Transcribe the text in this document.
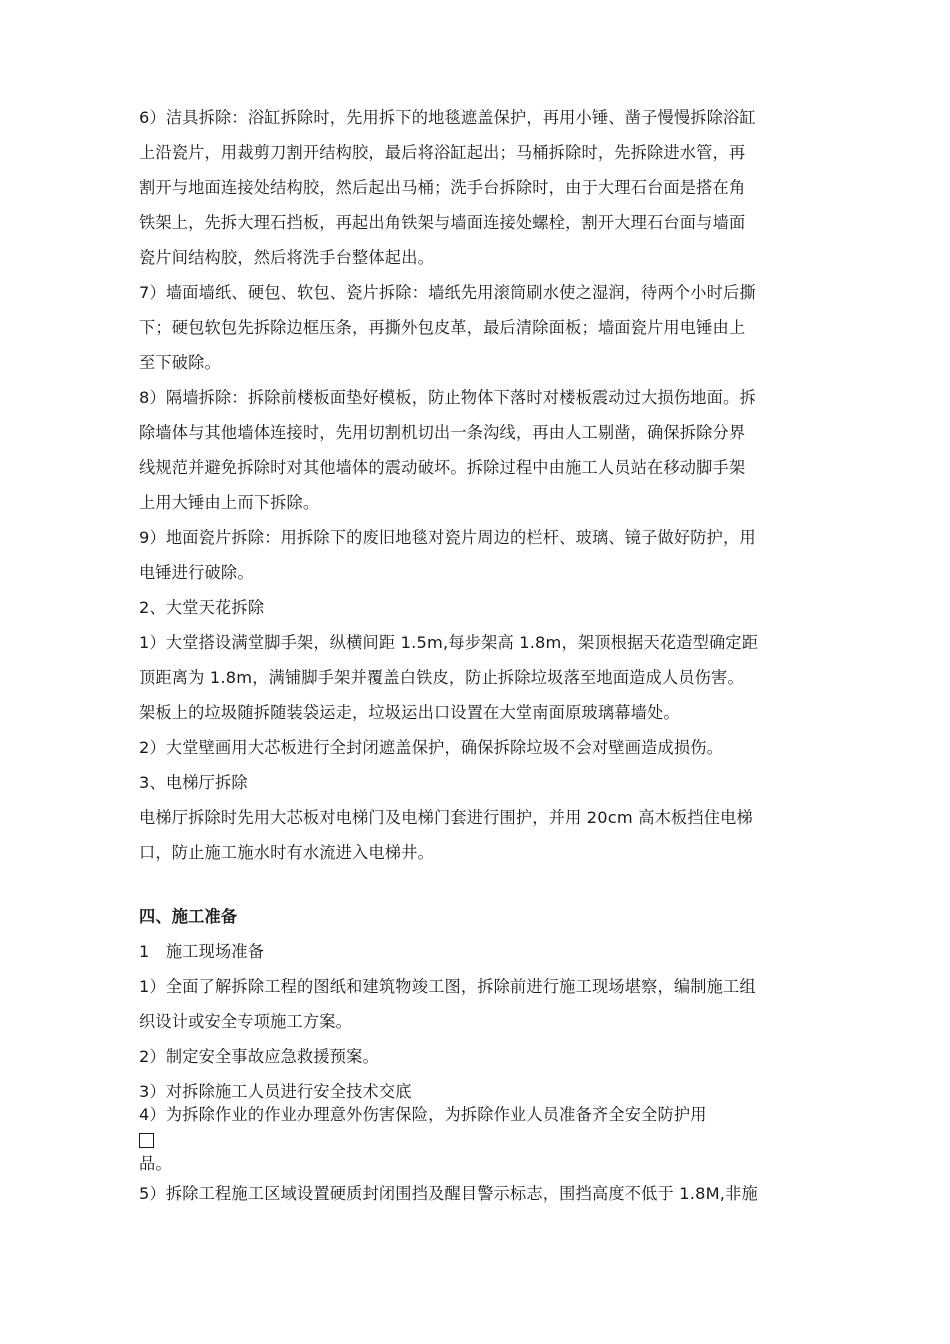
6）洁具拆除：浴缸拆除时，先用拆下的地毯遮盖保护，再用小锤、凿子慢慢拆除浴缸

上沿瓷片，用裁剪刀割开结构胶，最后将浴缸起出；马桶拆除时，先拆除进水管，再

割开与地面连接处结构胶，然后起出马桶；洗手台拆除时，由于大理石台面是搭在角

铁架上，先拆大理石挡板，再起出角铁架与墙面连接处螺栓，割开大理石台面与墙面

瓷片间结构胶，然后将洗手台整体起出。

7）墙面墙纸、硬包、软包、瓷片拆除：墙纸先用滚筒刷水使之湿润，待两个小时后撕

下；硬包软包先拆除边框压条，再撕外包皮革，最后清除面板；墙面瓷片用电锤由上

至下破除。

8）隔墙拆除：拆除前楼板面垫好模板，防止物体下落时对楼板震动过大损伤地面。拆

除墙体与其他墙体连接时，先用切割机切出一条沟线，再由人工剔凿，确保拆除分界

线规范并避免拆除时对其他墙体的震动破坏。拆除过程中由施工人员站在移动脚手架

上用大锤由上而下拆除。

9）地面瓷片拆除：用拆除下的废旧地毯对瓷片周边的栏杆、玻璃、镜子做好防护，用

电锤进行破除。

2、大堂天花拆除

1）大堂搭设满堂脚手架，纵横间距 1.5m,每步架高 1.8m，架顶根据天花造型确定距

顶距离为 1.8m，满铺脚手架并覆盖白铁皮，防止拆除垃圾落至地面造成人员伤害。

架板上的垃圾随拆随装袋运走，垃圾运出口设置在大堂南面原玻璃幕墙处。

2）大堂壁画用大芯板进行全封闭遮盖保护，确保拆除垃圾不会对壁画造成损伤。

3、电梯厅拆除

电梯厅拆除时先用大芯板对电梯门及电梯门套进行围护，并用 20cm 高木板挡住电梯

口，防止施工施水时有水流进入电梯井。

四、施工准备

1　施工现场准备

1）全面了解拆除工程的图纸和建筑物竣工图，拆除前进行施工现场堪察，编制施工组

织设计或安全专项施工方案。

2）制定安全事故应急救援预案。

3）对拆除施工人员进行安全技术交底

4）为拆除作业的作业办理意外伤害保险，为拆除作业人员准备齐全安全防护用

品。

5）拆除工程施工区域设置硬质封闭围挡及醒目警示标志，围挡高度不低于 1.8M,非施
